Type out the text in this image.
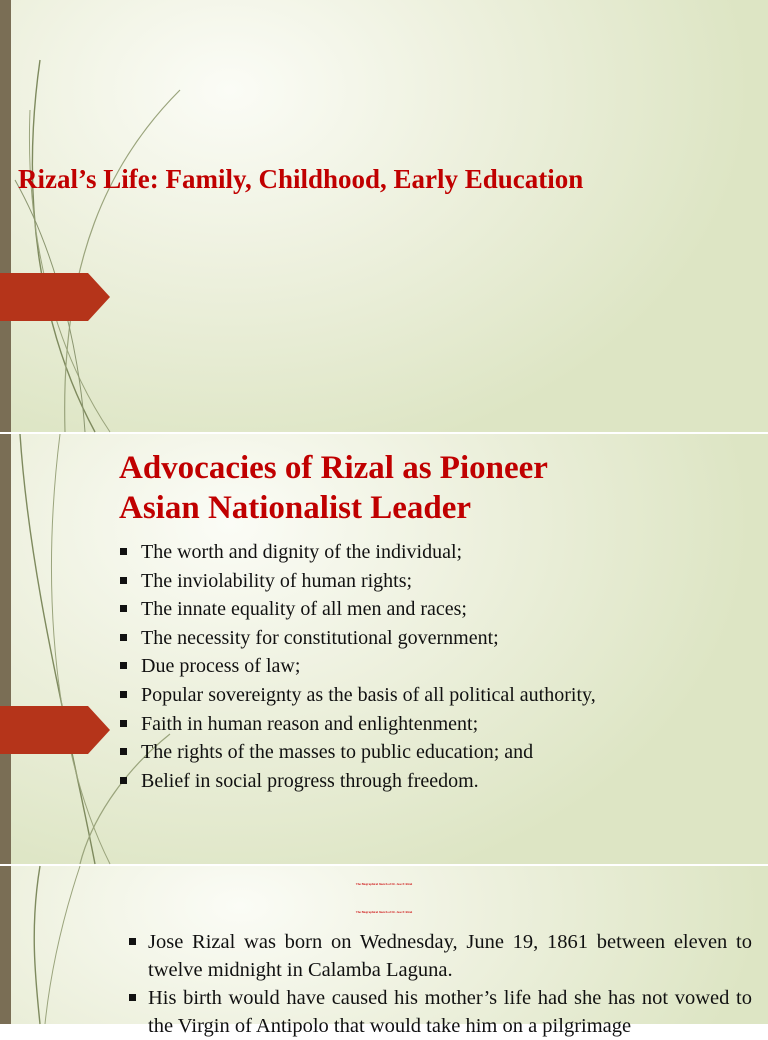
Rizal’s Life: Family, Childhood, Early Education
Advocacies of Rizal as Pioneer
Asian Nationalist Leader
The worth and dignity of the individual;
The inviolability of human rights;
The innate equality of all men and races;
The necessity for constitutional government;
Due process of law;
Popular sovereignty as the basis of all political authority,
Faith in human reason and enlightenment;
The rights of the masses to public education; and
Belief in social progress through freedom.
The Biographical Sketch of Dr. Jose P. Rizal
The Biographical Sketch of Dr. Jose P. Rizal
Jose Rizal was born on Wednesday, June 19, 1861 between eleven to twelve midnight in Calamba Laguna.
His birth would have caused his mother’s life had she has not vowed to the Virgin of Antipolo that would take him on a pilgrimage
